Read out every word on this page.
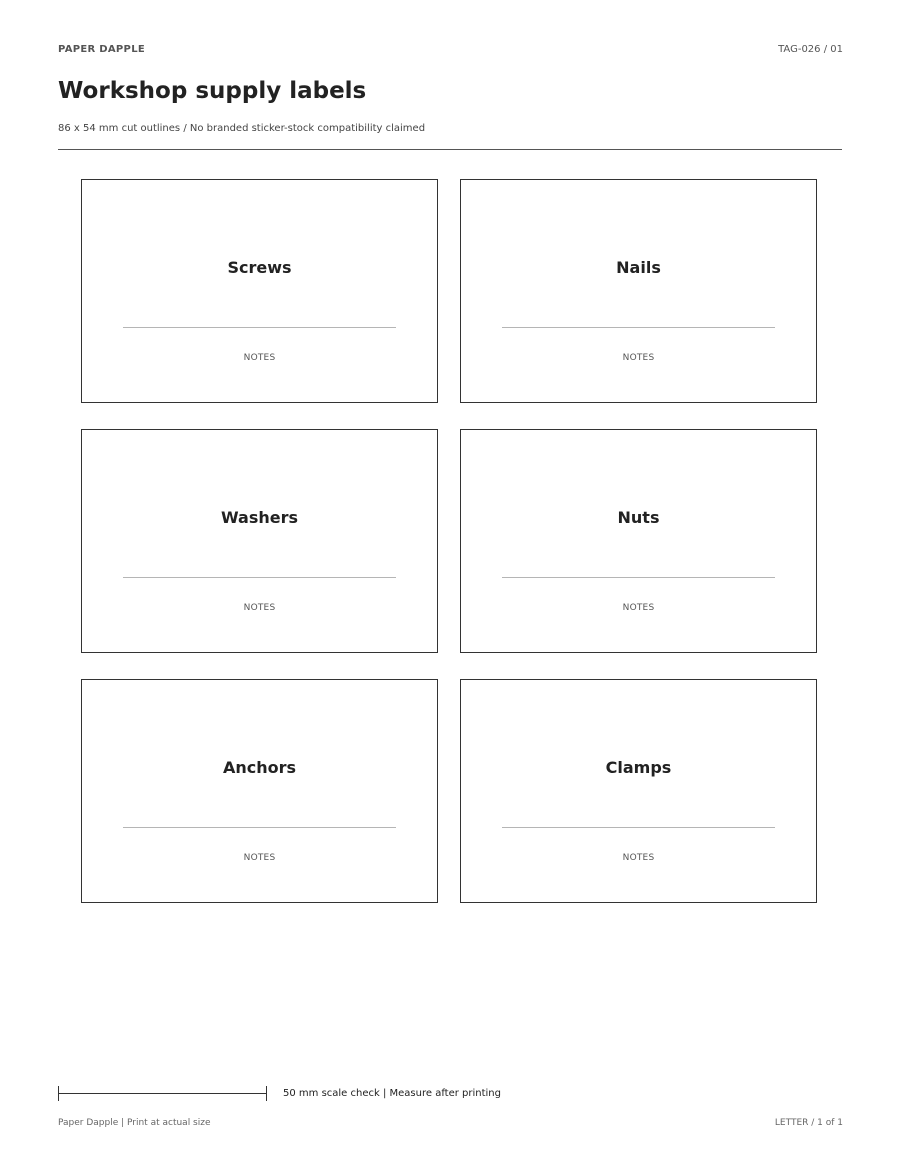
PAPER DAPPLE	TAG-026 / 01
Workshop supply labels
86 x 54 mm cut outlines / No branded sticker-stock compatibility claimed
Screws
NOTES
Nails
NOTES
Washers
NOTES
Nuts
NOTES
Anchors
NOTES
Clamps
NOTES
50 mm scale check | Measure after printing
Paper Dapple | Print at actual size	LETTER / 1 of 1
